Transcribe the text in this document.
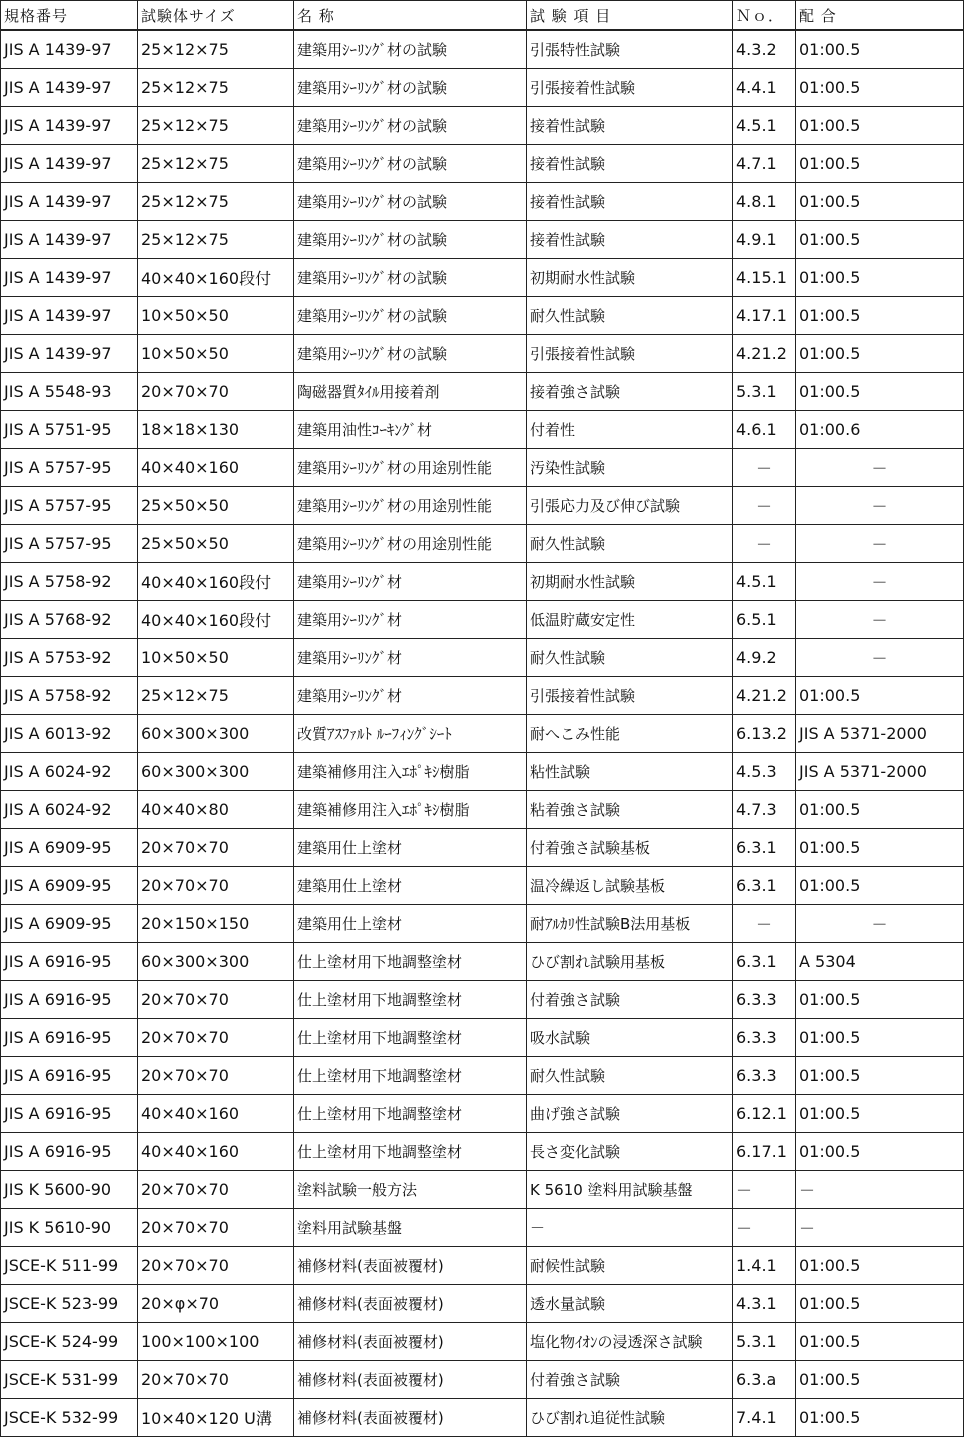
規格番号	試験体サイズ	名 称	試 験 項 目	Ｎｏ．	配 合
JIS A 1439-97	25×12×75	建築用ｼｰﾘﾝｸﾞ材の試験	引張特性試験	4.3.2	01:00.5
JIS A 1439-97	25×12×75	建築用ｼｰﾘﾝｸﾞ材の試験	引張接着性試験	4.4.1	01:00.5
JIS A 1439-97	25×12×75	建築用ｼｰﾘﾝｸﾞ材の試験	接着性試験	4.5.1	01:00.5
JIS A 1439-97	25×12×75	建築用ｼｰﾘﾝｸﾞ材の試験	接着性試験	4.7.1	01:00.5
JIS A 1439-97	25×12×75	建築用ｼｰﾘﾝｸﾞ材の試験	接着性試験	4.8.1	01:00.5
JIS A 1439-97	25×12×75	建築用ｼｰﾘﾝｸﾞ材の試験	接着性試験	4.9.1	01:00.5
JIS A 1439-97	40×40×160段付	建築用ｼｰﾘﾝｸﾞ材の試験	初期耐水性試験	4.15.1	01:00.5
JIS A 1439-97	10×50×50	建築用ｼｰﾘﾝｸﾞ材の試験	耐久性試験	4.17.1	01:00.5
JIS A 1439-97	10×50×50	建築用ｼｰﾘﾝｸﾞ材の試験	引張接着性試験	4.21.2	01:00.5
JIS A 5548-93	20×70×70	陶磁器質ﾀｲﾙ用接着剤	接着強さ試験	5.3.1	01:00.5
JIS A 5751-95	18×18×130	建築用油性ｺｰｷﾝｸﾞ材	付着性	4.6.1	01:00.6
JIS A 5757-95	40×40×160	建築用ｼｰﾘﾝｸﾞ材の用途別性能	汚染性試験	－	－
JIS A 5757-95	25×50×50	建築用ｼｰﾘﾝｸﾞ材の用途別性能	引張応力及び伸び試験	－	－
JIS A 5757-95	25×50×50	建築用ｼｰﾘﾝｸﾞ材の用途別性能	耐久性試験	－	－
JIS A 5758-92	40×40×160段付	建築用ｼｰﾘﾝｸﾞ材	初期耐水性試験	4.5.1	－
JIS A 5768-92	40×40×160段付	建築用ｼｰﾘﾝｸﾞ材	低温貯蔵安定性	6.5.1	－
JIS A 5753-92	10×50×50	建築用ｼｰﾘﾝｸﾞ材	耐久性試験	4.9.2	－
JIS A 5758-92	25×12×75	建築用ｼｰﾘﾝｸﾞ材	引張接着性試験	4.21.2	01:00.5
JIS A 6013-92	60×300×300	改質ｱｽﾌｧﾙﾄ ﾙｰﾌｨﾝｸﾞｼｰﾄ	耐へこみ性能	6.13.2	JIS A 5371-2000
JIS A 6024-92	60×300×300	建築補修用注入ｴﾎﾟｷｼ樹脂	粘性試験	4.5.3	JIS A 5371-2000
JIS A 6024-92	40×40×80	建築補修用注入ｴﾎﾟｷｼ樹脂	粘着強さ試験	4.7.3	01:00.5
JIS A 6909-95	20×70×70	建築用仕上塗材	付着強さ試験基板	6.3.1	01:00.5
JIS A 6909-95	20×70×70	建築用仕上塗材	温冷繰返し試験基板	6.3.1	01:00.5
JIS A 6909-95	20×150×150	建築用仕上塗材	耐ｱﾙｶﾘ性試験B法用基板	－	－
JIS A 6916-95	60×300×300	仕上塗材用下地調整塗材	ひび割れ試験用基板	6.3.1	A 5304
JIS A 6916-95	20×70×70	仕上塗材用下地調整塗材	付着強さ試験	6.3.3	01:00.5
JIS A 6916-95	20×70×70	仕上塗材用下地調整塗材	吸水試験	6.3.3	01:00.5
JIS A 6916-95	20×70×70	仕上塗材用下地調整塗材	耐久性試験	6.3.3	01:00.5
JIS A 6916-95	40×40×160	仕上塗材用下地調整塗材	曲げ強さ試験	6.12.1	01:00.5
JIS A 6916-95	40×40×160	仕上塗材用下地調整塗材	長さ変化試験	6.17.1	01:00.5
JIS K 5600-90	20×70×70	塗料試験一般方法	K 5610 塗料用試験基盤	－	－
JIS K 5610-90	20×70×70	塗料用試験基盤	－	－	－
JSCE-K 511-99	20×70×70	補修材料(表面被覆材)	耐候性試験	1.4.1	01:00.5
JSCE-K 523-99	20×φ×70	補修材料(表面被覆材)	透水量試験	4.3.1	01:00.5
JSCE-K 524-99	100×100×100	補修材料(表面被覆材)	塩化物ｲｵﾝの浸透深さ試験	5.3.1	01:00.5
JSCE-K 531-99	20×70×70	補修材料(表面被覆材)	付着強さ試験	6.3.a	01:00.5
JSCE-K 532-99	10×40×120 U溝	補修材料(表面被覆材)	ひび割れ追従性試験	7.4.1	01:00.5
